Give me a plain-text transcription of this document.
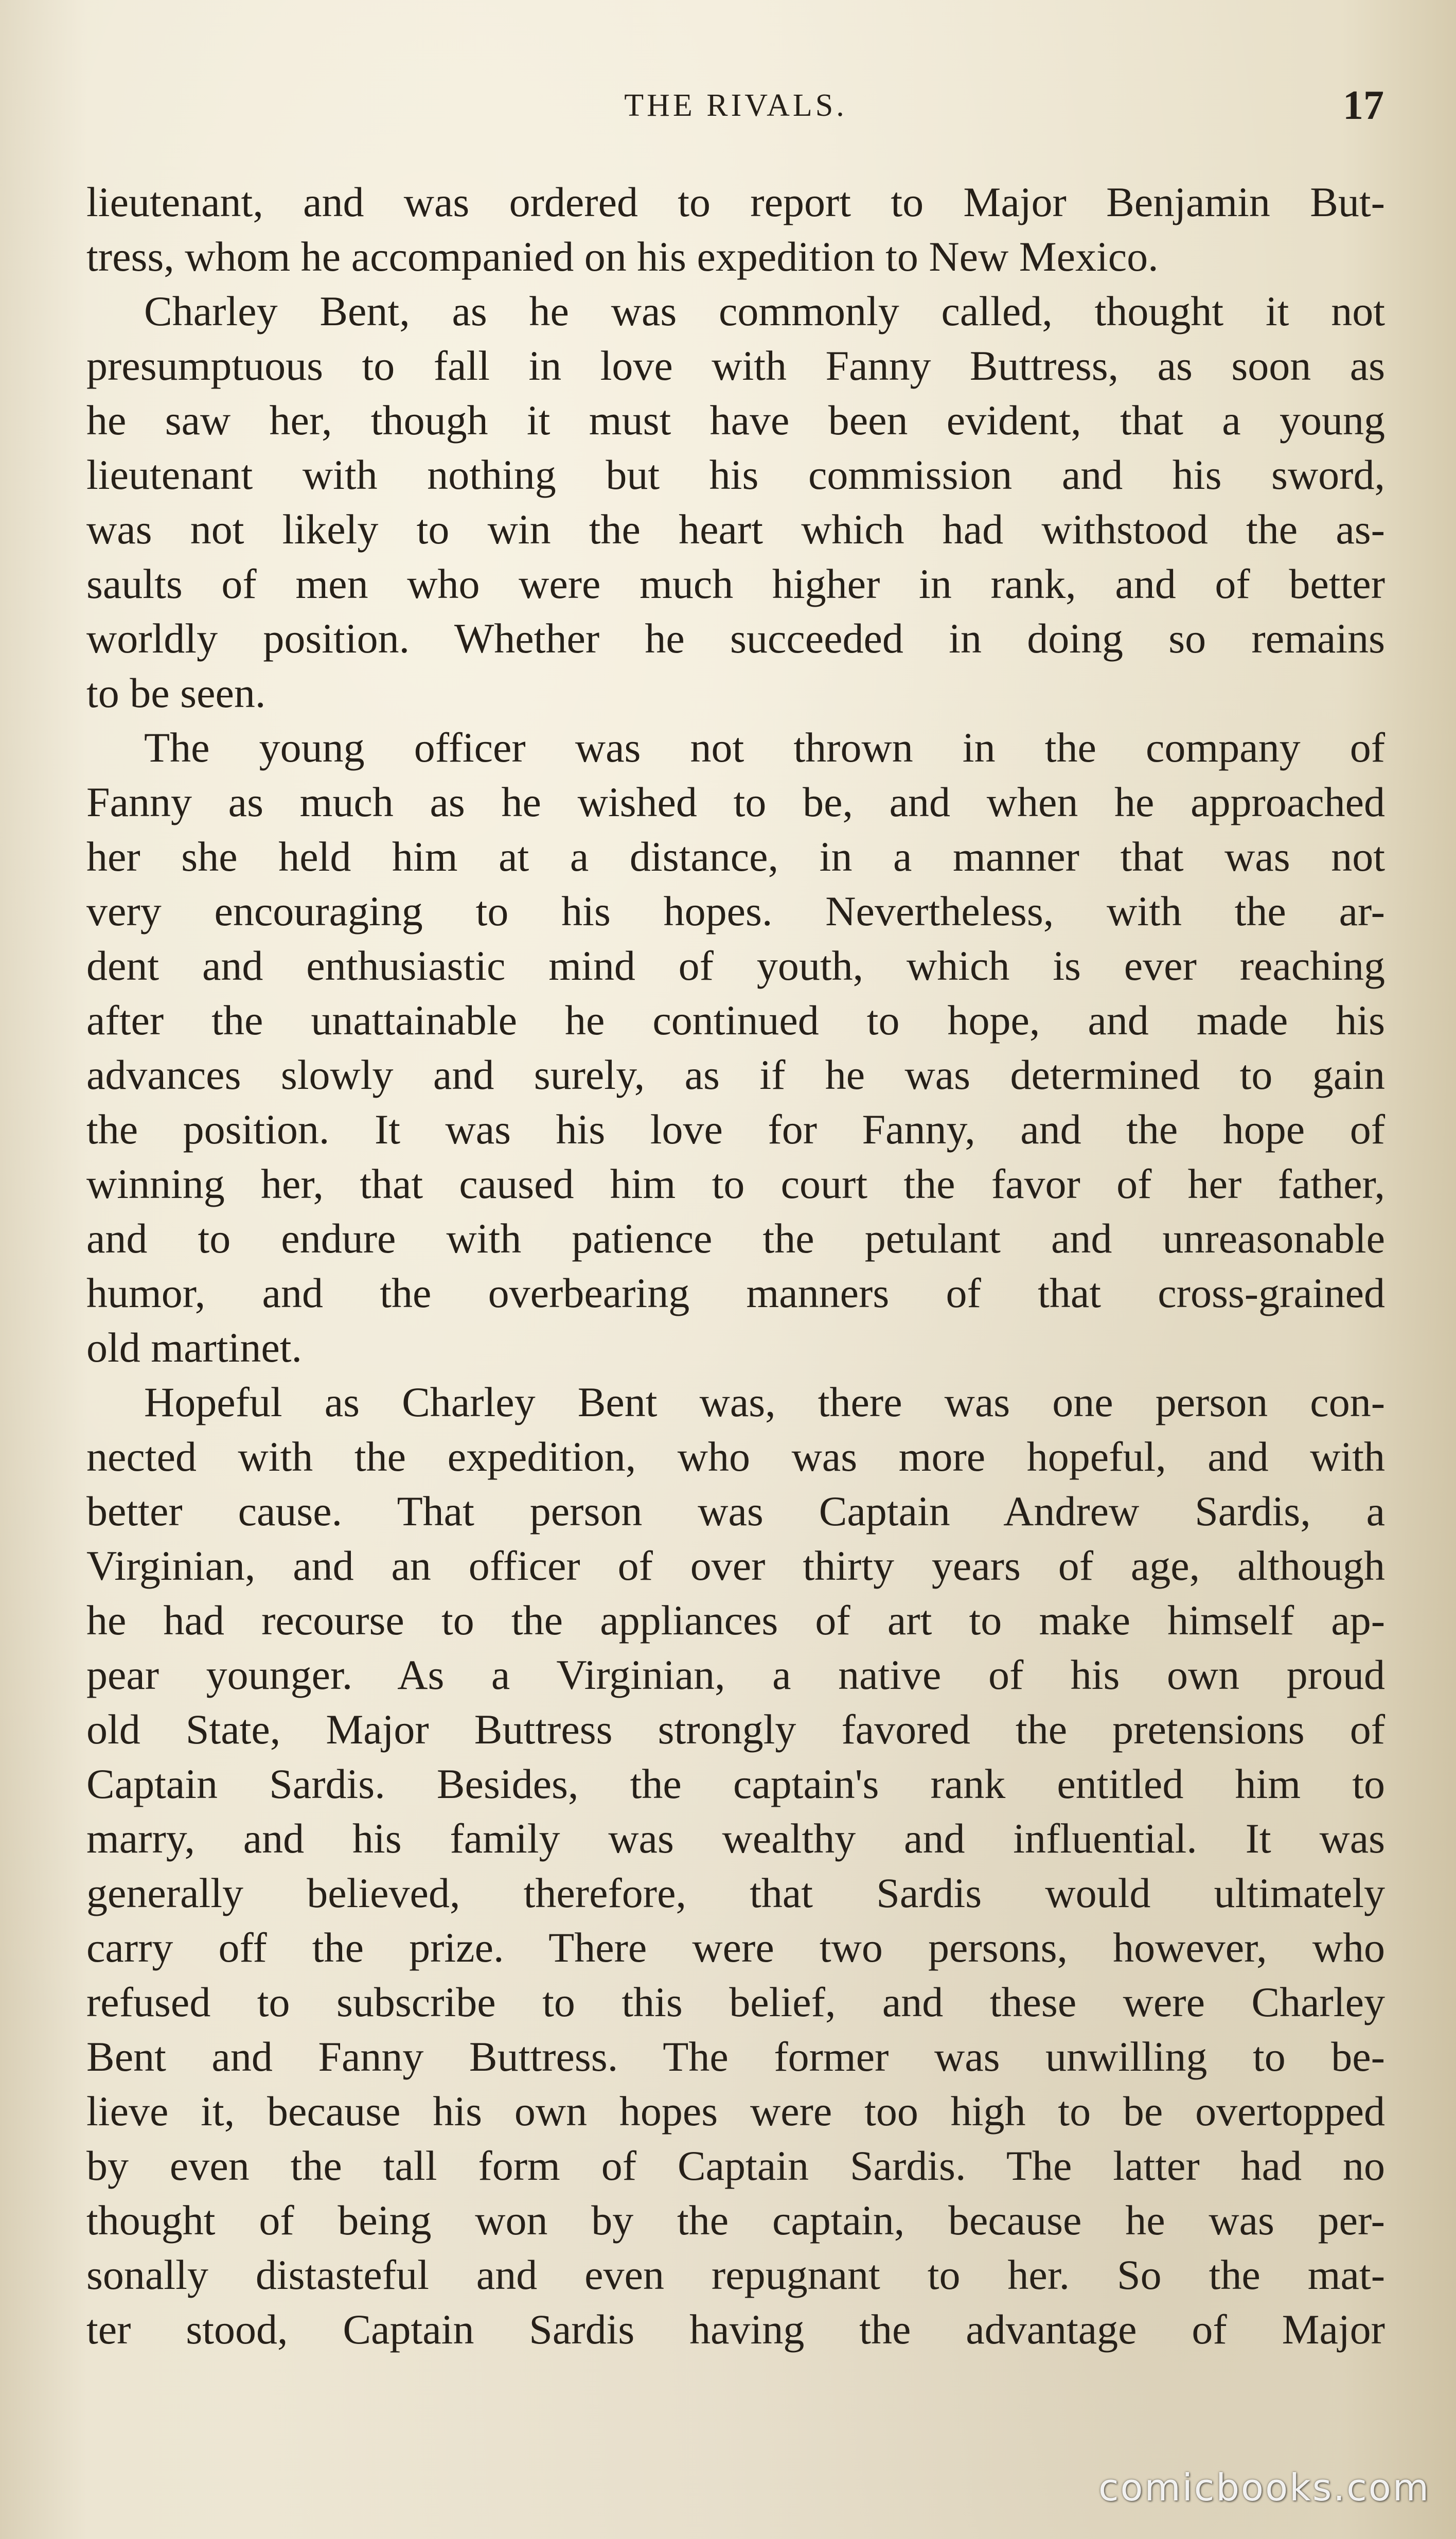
THE RIVALS.	17
lieutenant, and was ordered to report to Major Benjamin But-
tress, whom he accompanied on his expedition to New Mexico.
Charley Bent, as he was commonly called, thought it not
presumptuous to fall in love with Fanny Buttress, as soon as
he saw her, though it must have been evident, that a young
lieutenant with nothing but his commission and his sword,
was not likely to win the heart which had withstood the as-
saults of men who were much higher in rank, and of better
worldly position. Whether he succeeded in doing so remains
to be seen.
The young officer was not thrown in the company of
Fanny as much as he wished to be, and when he approached
her she held him at a distance, in a manner that was not
very encouraging to his hopes. Nevertheless, with the ar-
dent and enthusiastic mind of youth, which is ever reaching
after the unattainable he continued to hope, and made his
advances slowly and surely, as if he was determined to gain
the position. It was his love for Fanny, and the hope of
winning her, that caused him to court the favor of her father,
and to endure with patience the petulant and unreasonable
humor, and the overbearing manners of that cross-grained
old martinet.
Hopeful as Charley Bent was, there was one person con-
nected with the expedition, who was more hopeful, and with
better cause. That person was Captain Andrew Sardis, a
Virginian, and an officer of over thirty years of age, although
he had recourse to the appliances of art to make himself ap-
pear younger. As a Virginian, a native of his own proud
old State, Major Buttress strongly favored the pretensions of
Captain Sardis. Besides, the captain's rank entitled him to
marry, and his family was wealthy and influential. It was
generally believed, therefore, that Sardis would ultimately
carry off the prize. There were two persons, however, who
refused to subscribe to this belief, and these were Charley
Bent and Fanny Buttress. The former was unwilling to be-
lieve it, because his own hopes were too high to be overtopped
by even the tall form of Captain Sardis. The latter had no
thought of being won by the captain, because he was per-
sonally distasteful and even repugnant to her. So the mat-
ter stood, Captain Sardis having the advantage of Major
comicbooks.com
